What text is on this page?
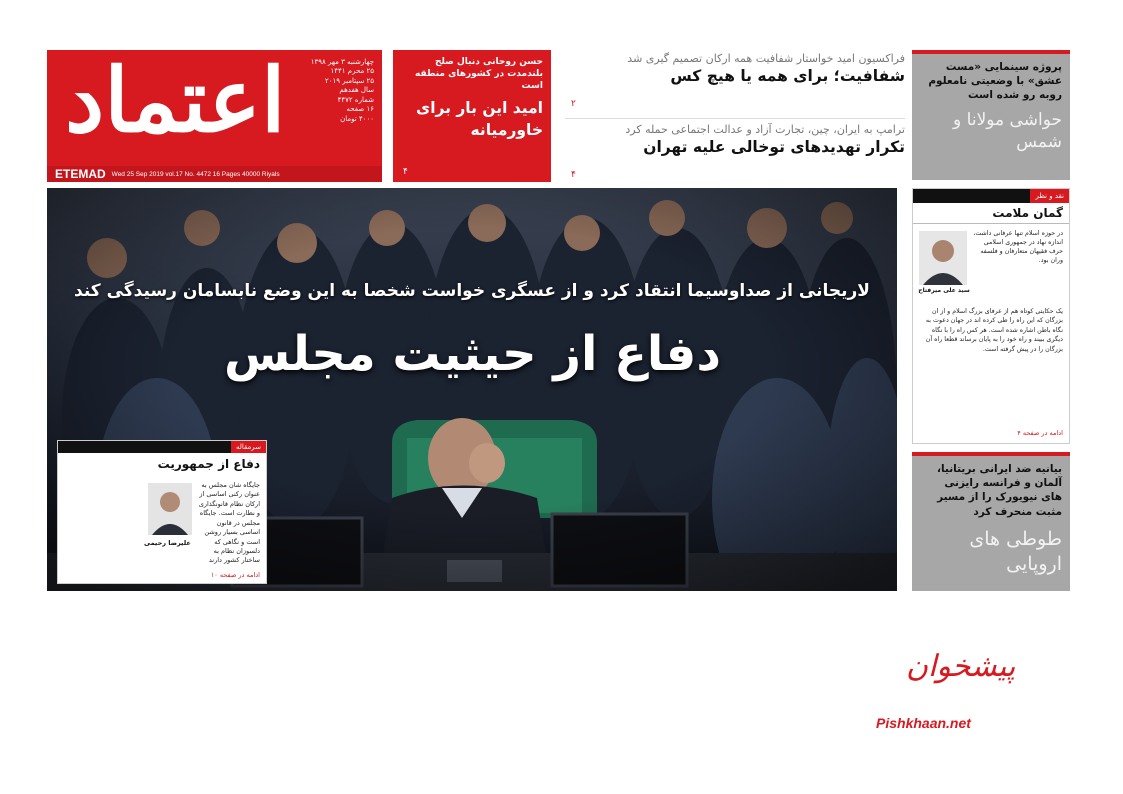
اعتماد	چهارشنبه ۳ مهر ۱۳۹۸
۲۵ محرم ۱۴۴۱
۲۵ سپتامبر ۲۰۱۹
سال هفدهم
شماره ۴۴۷۲
۱۶ صفحه
۴۰۰۰ تومان
ETEMAD Wed 25 Sep 2019 vol.17 No. 4472 16 Pages 40000 Riyals
حسن روحانی دنبال صلح بلندمدت در کشورهای منطقه است
امید این بار برای خاورمیانه
۴
فراکسیون امید خواستار شفافیت همه ارکان تصمیم گیری شد
شفافیت؛ برای همه یا هیچ کس
۲
ترامپ به ایران، چین، تجارت آزاد و عدالت اجتماعی حمله کرد
تکرار تهدیدهای توخالی علیه تهران
۴
پروژه سینمایی «مست عشق» با وضعیتی نامعلوم روبه رو شده است
حواشی مولانا و شمس
لاریجانی از صداوسیما انتقاد کرد و از عسگری خواست شخصا به این وضع نابسامان رسیدگی کند
دفاع از حیثیت مجلس
سرمقاله
دفاع از جمهوریت
جایگاه شان مجلس به عنوان رکنی اساسی از ارکان نظام قانونگذاری و نظارت است. جایگاه مجلس در قانون اساسی بسیار روشن است و نگاهی که دلسوزان نظام به ساختار کشور دارند
علیرضا رحیمی
ادامه در صفحه ۱۰
نقد و نظر
گمان ملامت
سید علی میرفتاح
در حوزه اسلام تنها عرفانی داشت، اندازه نهاد در جمهوری اسلامی حرف فقیهان متعارفان و فلسفه وران بود.
یک حکایتی کوتاه هم از عرفای بزرگ اسلام و از ان بزرگان که این راه را طی کرده اند در جهان دعوت به نگاه باطن اشاره شده است. هر کس راه را با نگاه دیگری ببیند و راه خود را به پایان برساند قطعا راه آن بزرگان را در پیش گرفته است.
ادامه در صفحه ۴
بیانیه ضد ایرانی بریتانیا، آلمان و فرانسه رایزنی های نیویورک را از مسیر مثبت منحرف کرد
طوطی های اروپایی
پیشخوان
Pishkhaan.net
